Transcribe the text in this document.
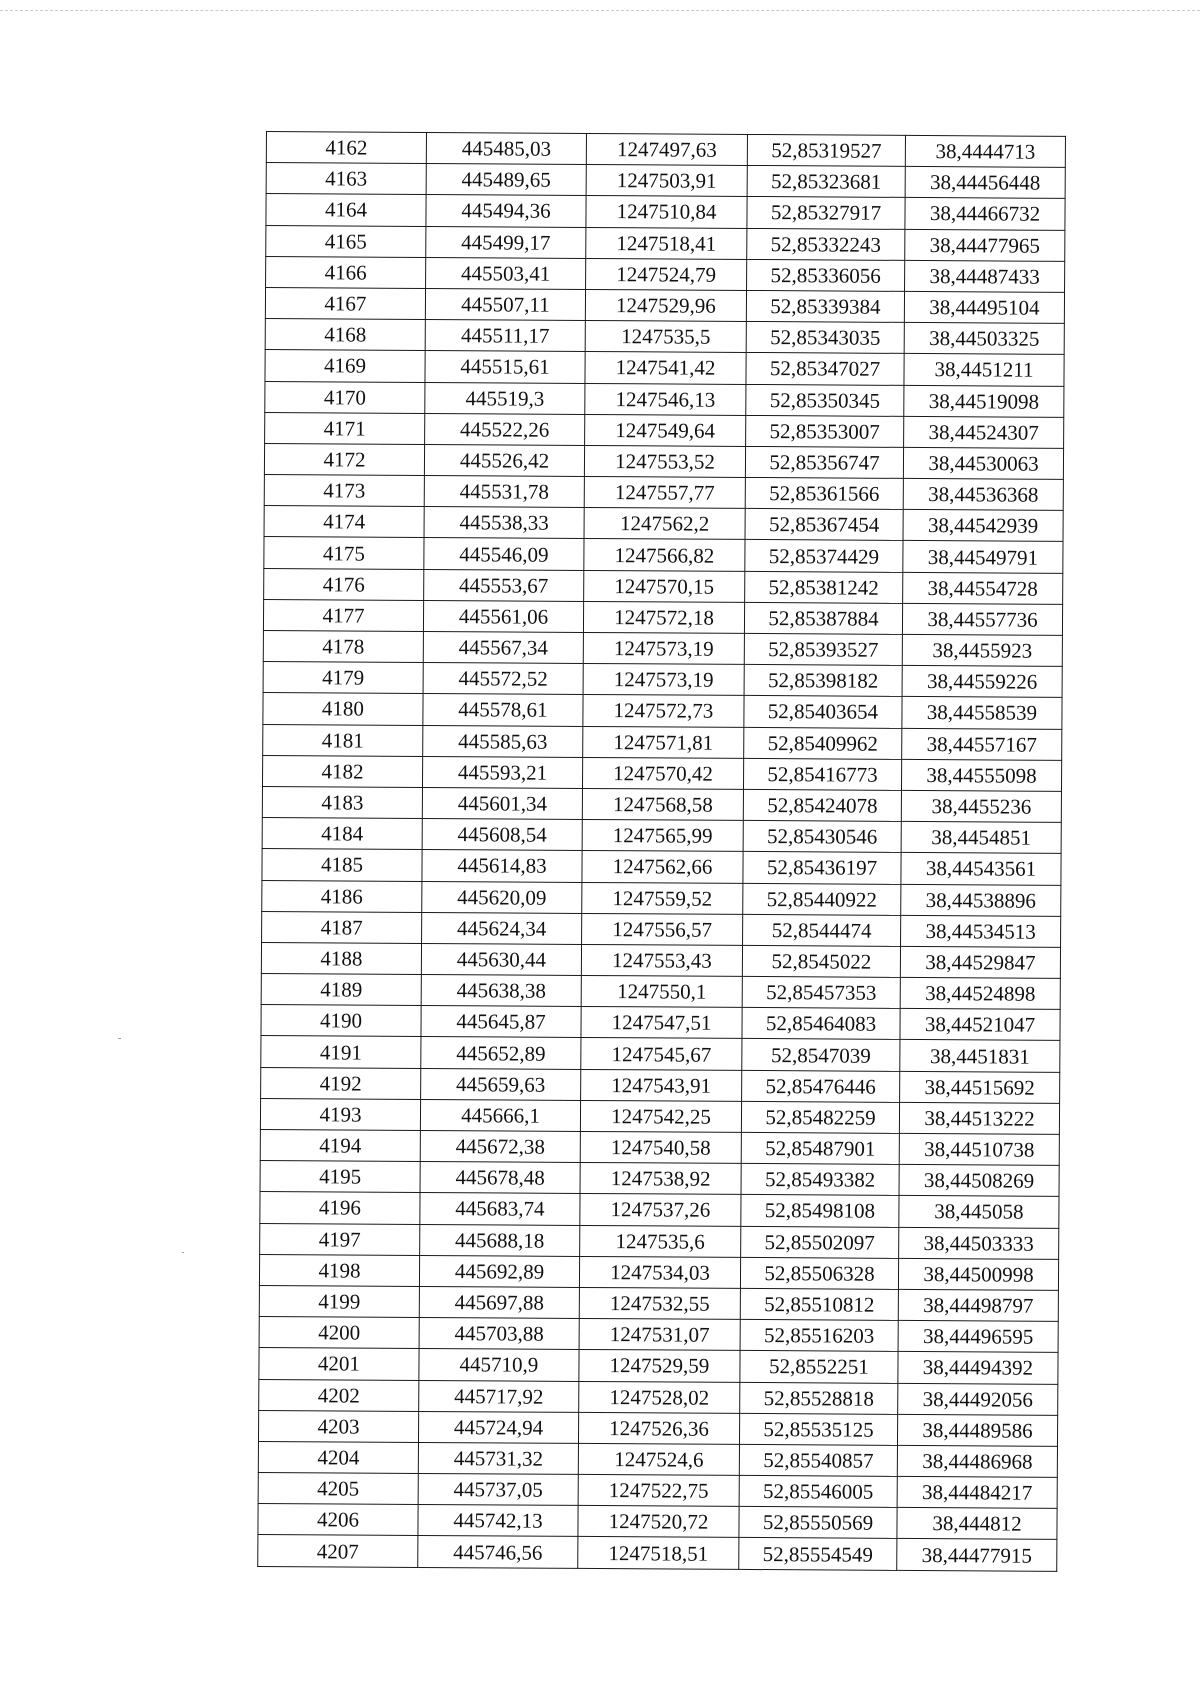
4162	445485,03	1247497,63	52,85319527	38,4444713
4163	445489,65	1247503,91	52,85323681	38,44456448
4164	445494,36	1247510,84	52,85327917	38,44466732
4165	445499,17	1247518,41	52,85332243	38,44477965
4166	445503,41	1247524,79	52,85336056	38,44487433
4167	445507,11	1247529,96	52,85339384	38,44495104
4168	445511,17	1247535,5	52,85343035	38,44503325
4169	445515,61	1247541,42	52,85347027	38,4451211
4170	445519,3	1247546,13	52,85350345	38,44519098
4171	445522,26	1247549,64	52,85353007	38,44524307
4172	445526,42	1247553,52	52,85356747	38,44530063
4173	445531,78	1247557,77	52,85361566	38,44536368
4174	445538,33	1247562,2	52,85367454	38,44542939
4175	445546,09	1247566,82	52,85374429	38,44549791
4176	445553,67	1247570,15	52,85381242	38,44554728
4177	445561,06	1247572,18	52,85387884	38,44557736
4178	445567,34	1247573,19	52,85393527	38,4455923
4179	445572,52	1247573,19	52,85398182	38,44559226
4180	445578,61	1247572,73	52,85403654	38,44558539
4181	445585,63	1247571,81	52,85409962	38,44557167
4182	445593,21	1247570,42	52,85416773	38,44555098
4183	445601,34	1247568,58	52,85424078	38,4455236
4184	445608,54	1247565,99	52,85430546	38,4454851
4185	445614,83	1247562,66	52,85436197	38,44543561
4186	445620,09	1247559,52	52,85440922	38,44538896
4187	445624,34	1247556,57	52,8544474	38,44534513
4188	445630,44	1247553,43	52,8545022	38,44529847
4189	445638,38	1247550,1	52,85457353	38,44524898
4190	445645,87	1247547,51	52,85464083	38,44521047
4191	445652,89	1247545,67	52,8547039	38,4451831
4192	445659,63	1247543,91	52,85476446	38,44515692
4193	445666,1	1247542,25	52,85482259	38,44513222
4194	445672,38	1247540,58	52,85487901	38,44510738
4195	445678,48	1247538,92	52,85493382	38,44508269
4196	445683,74	1247537,26	52,85498108	38,445058
4197	445688,18	1247535,6	52,85502097	38,44503333
4198	445692,89	1247534,03	52,85506328	38,44500998
4199	445697,88	1247532,55	52,85510812	38,44498797
4200	445703,88	1247531,07	52,85516203	38,44496595
4201	445710,9	1247529,59	52,8552251	38,44494392
4202	445717,92	1247528,02	52,85528818	38,44492056
4203	445724,94	1247526,36	52,85535125	38,44489586
4204	445731,32	1247524,6	52,85540857	38,44486968
4205	445737,05	1247522,75	52,85546005	38,44484217
4206	445742,13	1247520,72	52,85550569	38,444812
4207	445746,56	1247518,51	52,85554549	38,44477915
